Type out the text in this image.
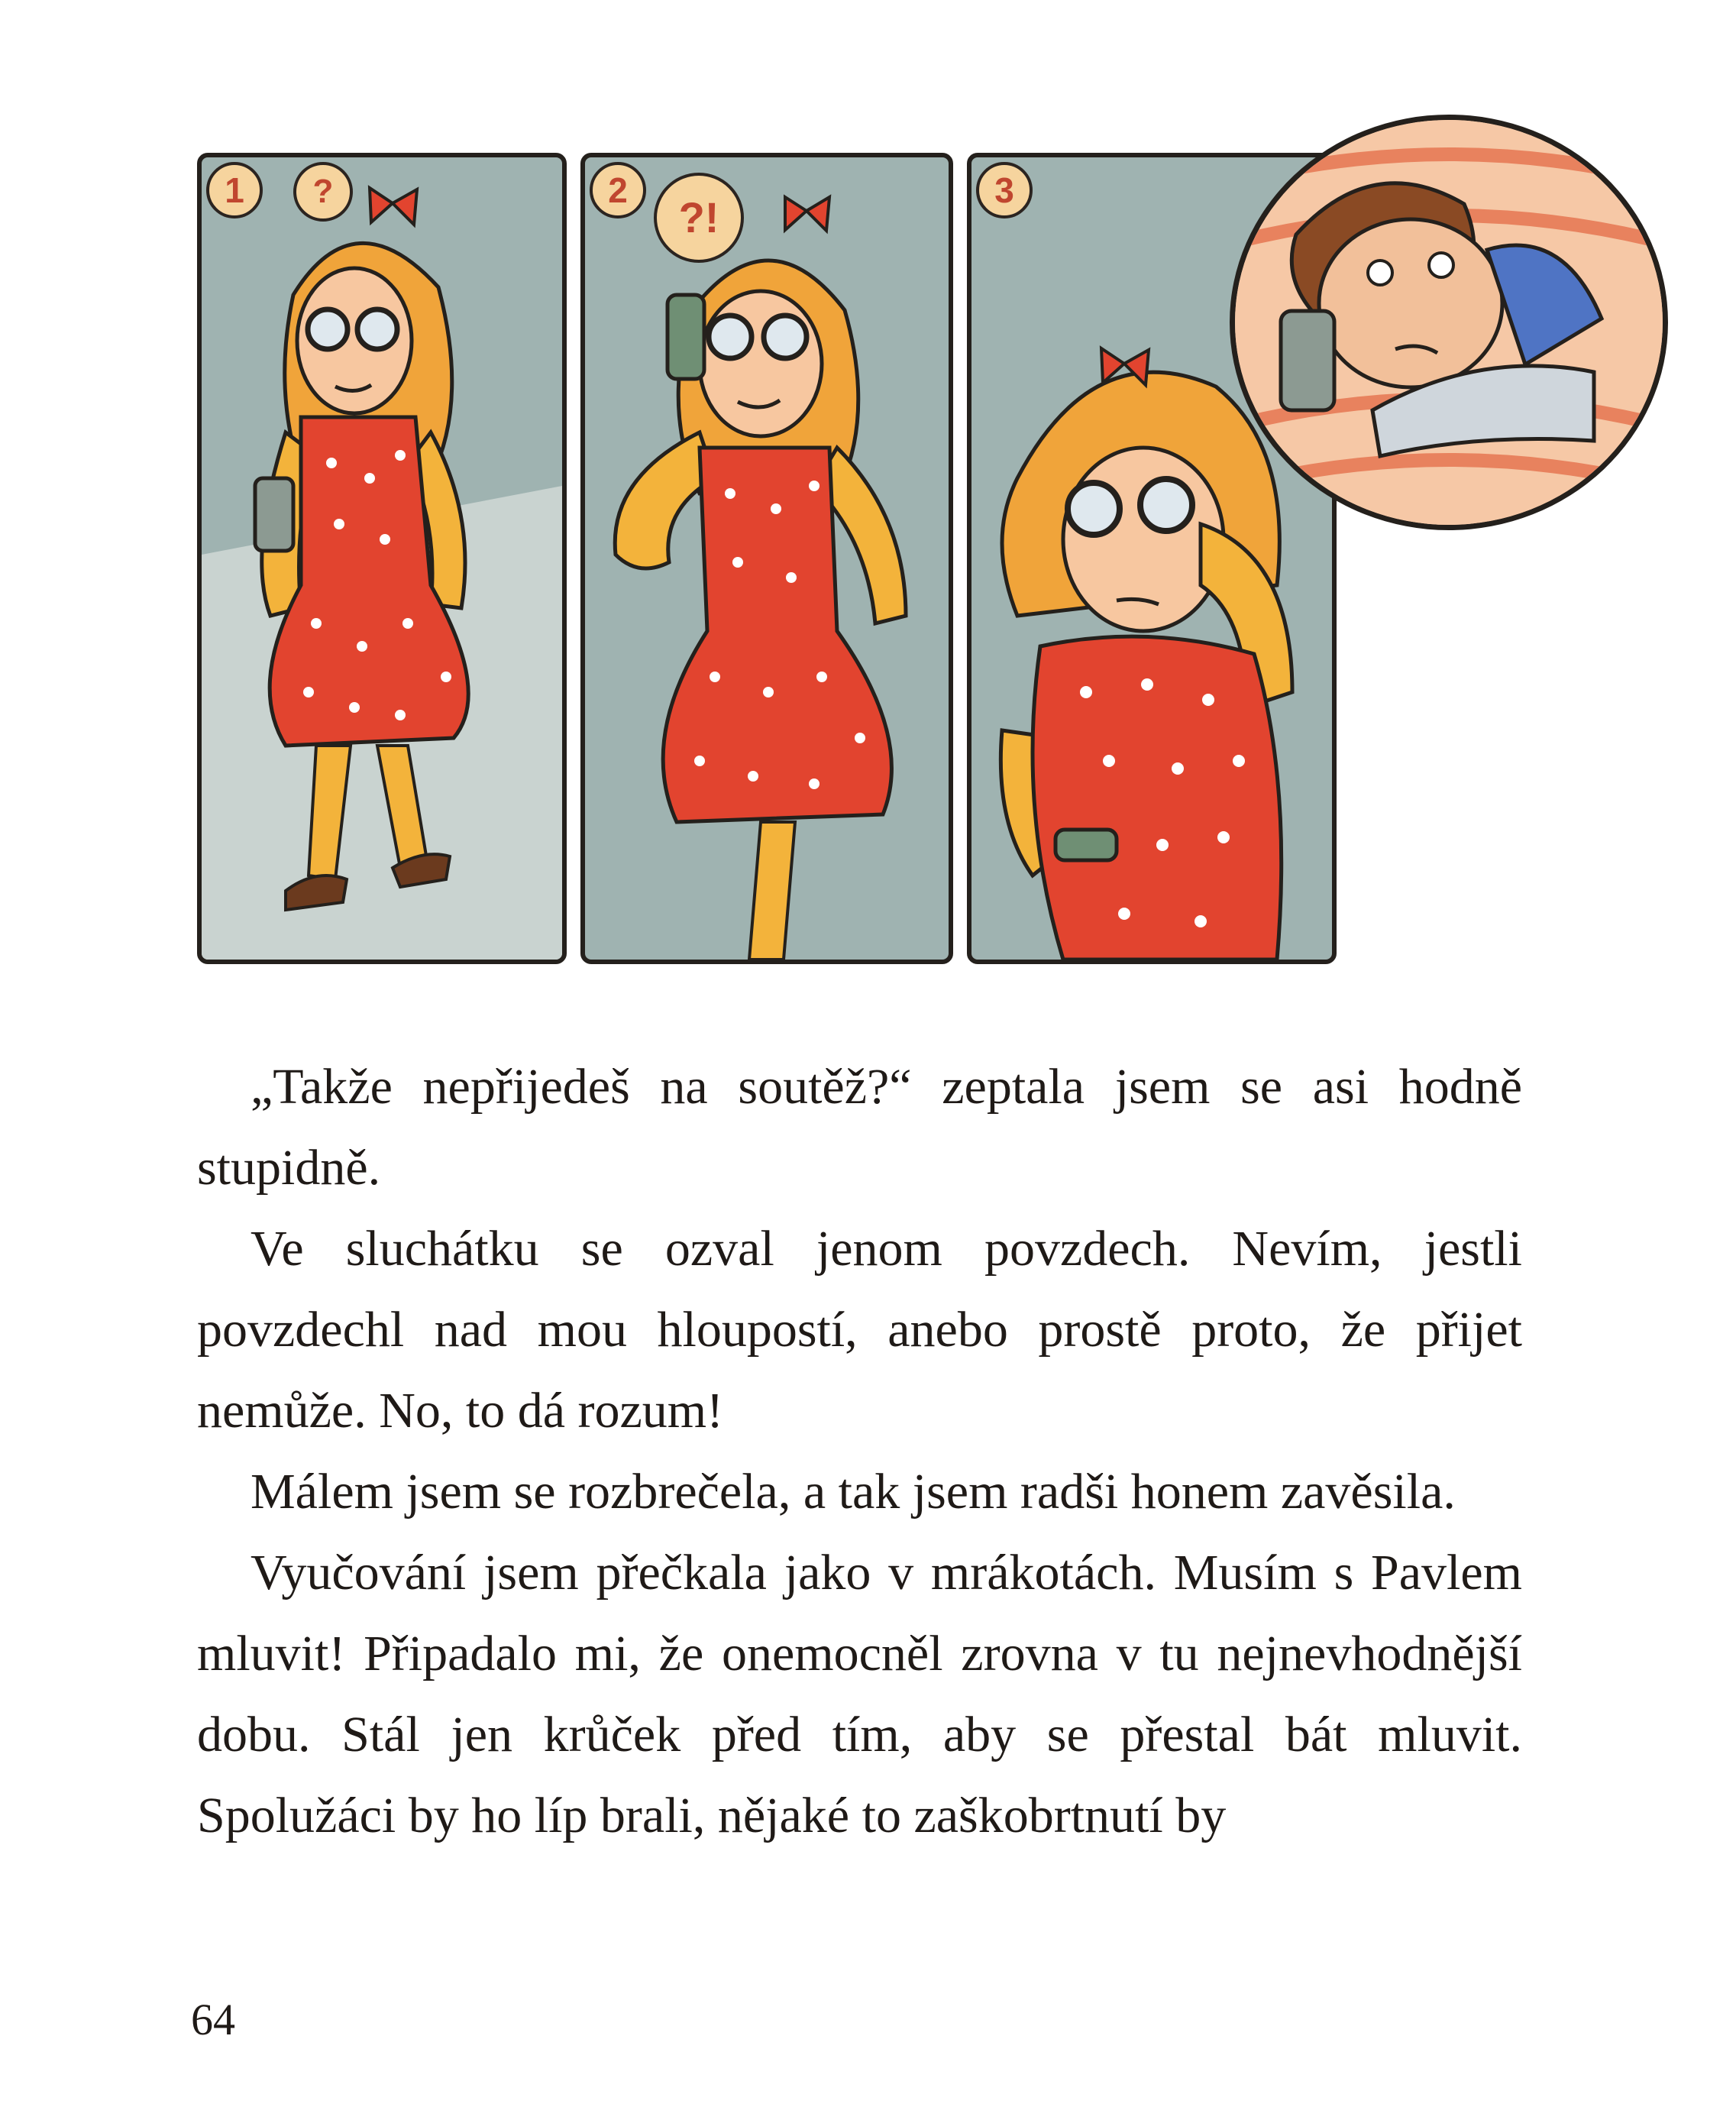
1	?	2
?!
3

„Takže nepřijedeš na soutěž?“ zeptala jsem se asi hodně stupidně.

Ve sluchátku se ozval jenom povzdech. Nevím, jestli povzdechl nad mou hloupostí, anebo prostě proto, že přijet nemůže. No, to dá rozum!

Málem jsem se rozbrečela, a tak jsem radši honem zavěsila.

Vyučování jsem přečkala jako v mrákotách. Musím s Pavlem mluvit! Připadalo mi, že onemocněl zrovna v tu nejnevhodnější dobu. Stál jen krůček před tím, aby se přestal bát mluvit. Spolužáci by ho líp brali, nějaké to zaškobrtnutí by

64
